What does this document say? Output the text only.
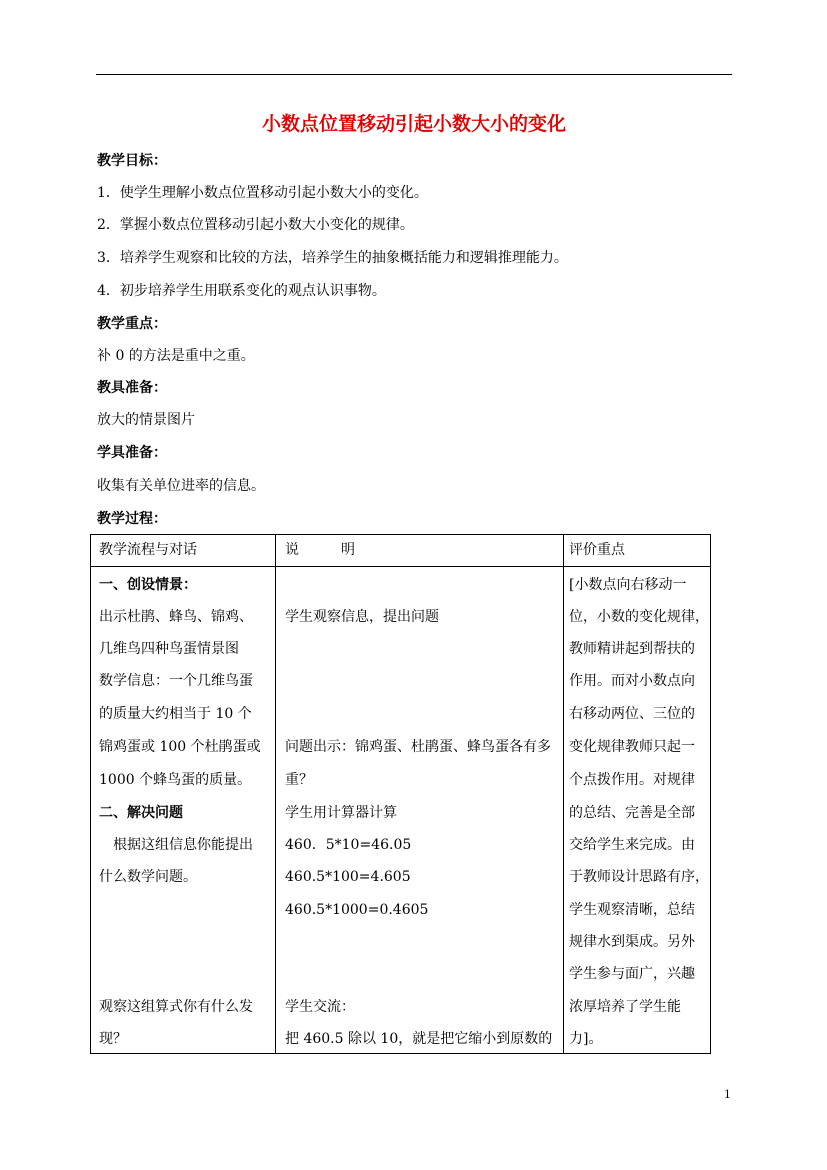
小数点位置移动引起小数大小的变化
教学目标：
1．使学生理解小数点位置移动引起小数大小的变化。
2．掌握小数点位置移动引起小数大小变化的规律。
3．培养学生观察和比较的方法，培养学生的抽象概括能力和逻辑推理能力。
4．初步培养学生用联系变化的观点认识事物。
教学重点：
补 0 的方法是重中之重。
教具准备：
放大的情景图片
学具准备：
收集有关单位进率的信息。
教学过程：
教学流程与对话	说　　　明	评价重点
一、创设情景：
出示杜鹃、蜂鸟、锦鸡、
几维鸟四种鸟蛋情景图
数学信息：一个几维鸟蛋
的质量大约相当于 10 个
锦鸡蛋或 100 个杜鹃蛋或
1000 个蜂鸟蛋的质量。
二、解决问题
　根据这组信息你能提出
什么数学问题。
观察这组算式你有什么发
现？
学生观察信息，提出问题
问题出示：锦鸡蛋、杜鹃蛋、蜂鸟蛋各有多
重？
学生用计算器计算
460．5*10=46.05
460.5*100=4.605
460.5*1000=0.4605
学生交流：
把 460.5 除以 10，就是把它缩小到原数的
[小数点向右移动一
位，小数的变化规律，
教师精讲起到帮扶的
作用。而对小数点向
右移动两位、三位的
变化规律教师只起一
个点拨作用。对规律
的总结、完善是全部
交给学生来完成。由
于教师设计思路有序，
学生观察清晰，总结
规律水到渠成。另外
学生参与面广，兴趣
浓厚培养了学生能
力]。
1
